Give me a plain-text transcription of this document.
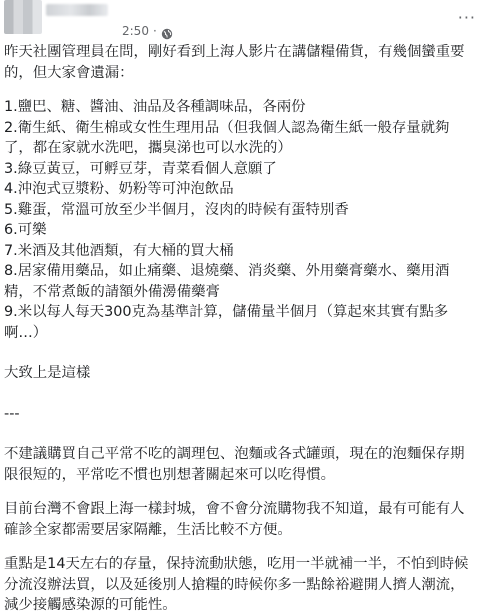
2:50 ·
···

昨天社團管理員在問，剛好看到上海人影片在講儲糧備貨，有幾個蠻重要的，但大家會遺漏：

1.鹽巴、糖、醬油、油品及各種調味品，各兩份

2.衛生紙、衛生棉或女性生理用品（但我個人認為衛生紙一般存量就夠了，都在家就水洗吧，攜臭涕也可以水洗的）

3.綠豆黃豆，可孵豆芽，青菜看個人意願了

4.沖泡式豆漿粉、奶粉等可沖泡飲品

5.雞蛋，常溫可放至少半個月，沒肉的時候有蛋特別香

6.可樂

7.米酒及其他酒類，有大桶的買大桶

8.居家備用藥品，如止痛藥、退燒藥、消炎藥、外用藥膏藥水、藥用酒精，不常煮飯的請額外備澷備藥膏

9.米以每人每天300克為基準計算，儲備量半個月（算起來其實有點多啊…）

大致上是這樣

---

不建議購買自己平常不吃的調理包、泡麵或各式罐頭，現在的泡麵保存期限很短的，平常吃不慣也別想著關起來可以吃得慣。

目前台灣不會跟上海一樣封城，會不會分流購物我不知道，最有可能有人確診全家都需要居家隔離，生活比較不方便。

重點是14天左右的存量，保持流動狀態，吃用一半就補一半，不怕到時候分流沒辦法買，以及延後別人搶糧的時候你多一點餘裕避開人擠人潮流，減少接觸感染源的可能性。
